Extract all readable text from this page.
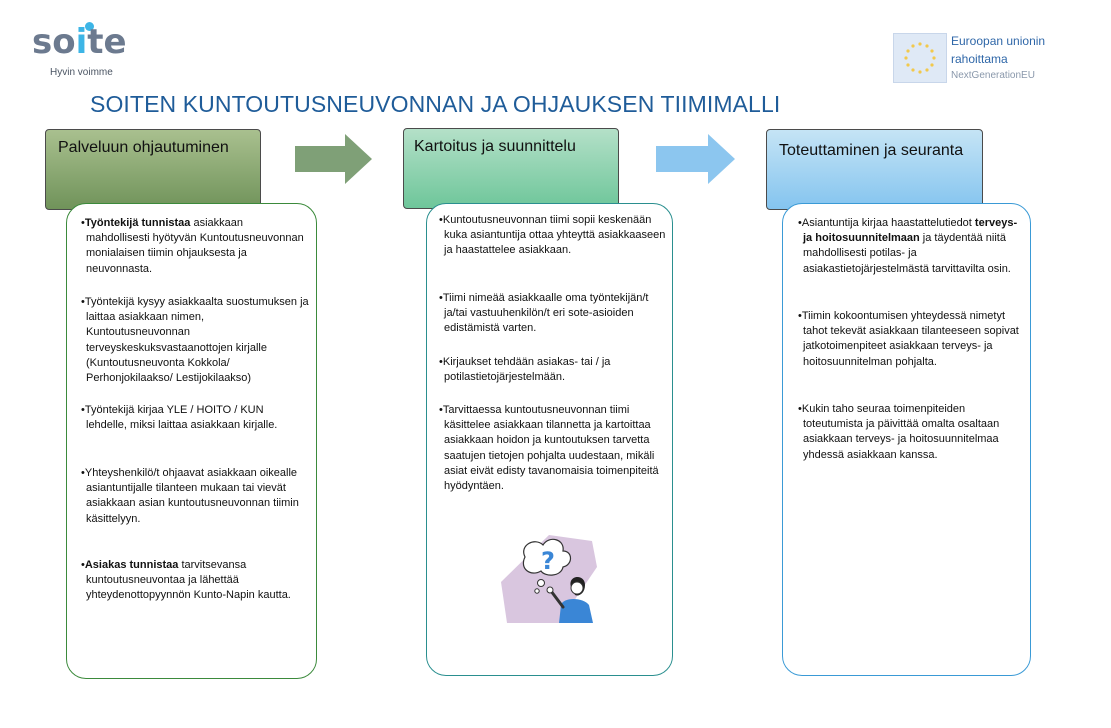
soite
Hyvin voimme
Euroopan unionin
rahoittama
NextGenerationEU
SOITEN KUNTOUTUSNEUVONNAN JA OHJAUKSEN TIIMIMALLI
Palveluun ohjautuminen	Kartoitus ja suunnittelu	Toteuttaminen ja seuranta
•Työntekijä tunnistaa asiakkaan mahdollisesti hyötyvän Kuntoutusneuvonnan monialaisen tiimin ohjauksesta ja neuvonnasta.
•Työntekijä kysyy asiakkaalta suostumuksen ja laittaa asiakkaan nimen, Kuntoutusneuvonnan terveyskeskuksvastaanottojen kirjalle (Kuntoutusneuvonta Kokkola/ Perhonjokilaakso/ Lestijokilaakso)
•Työntekijä kirjaa YLE / HOITO / KUN lehdelle, miksi laittaa asiakkaan kirjalle.
•Yhteyshenkilö/t ohjaavat asiakkaan oikealle asiantuntijalle tilanteen mukaan tai vievät asiakkaan asian kuntoutusneuvonnan tiimin käsittelyyn.
•Asiakas tunnistaa tarvitsevansa kuntoutusneuvontaa ja lähettää yhteydenottopyynnön Kunto-Napin kautta.
•Kuntoutusneuvonnan tiimi sopii keskenään kuka asiantuntija ottaa yhteyttä asiakkaaseen ja haastattelee asiakkaan.
•Tiimi nimeää asiakkaalle oma työntekijän/t ja/tai vastuuhenkilön/t eri sote-asioiden edistämistä varten.
•Kirjaukset tehdään asiakas- tai / ja potilastietojärjestelmään.
•Tarvittaessa kuntoutusneuvonnan tiimi käsittelee asiakkaan tilannetta ja kartoittaa asiakkaan hoidon ja kuntoutuksen tarvetta saatujen tietojen pohjalta uudestaan, mikäli asiat eivät edisty tavanomaisia toimenpiteitä hyödyntäen.
?
•Asiantuntija kirjaa haastattelutiedot terveys- ja hoitosuunnitelmaan ja täydentää niitä mahdollisesti potilas- ja asiakastietojärjestelmästä tarvittavilta osin.
•Tiimin kokoontumisen yhteydessä nimetyt tahot tekevät asiakkaan tilanteeseen sopivat jatkotoimenpiteet asiakkaan terveys- ja hoitosuunnitelman pohjalta.
•Kukin taho seuraa toimenpiteiden toteutumista ja päivittää omalta osaltaan asiakkaan terveys- ja hoitosuunnitelmaa yhdessä asiakkaan kanssa.
